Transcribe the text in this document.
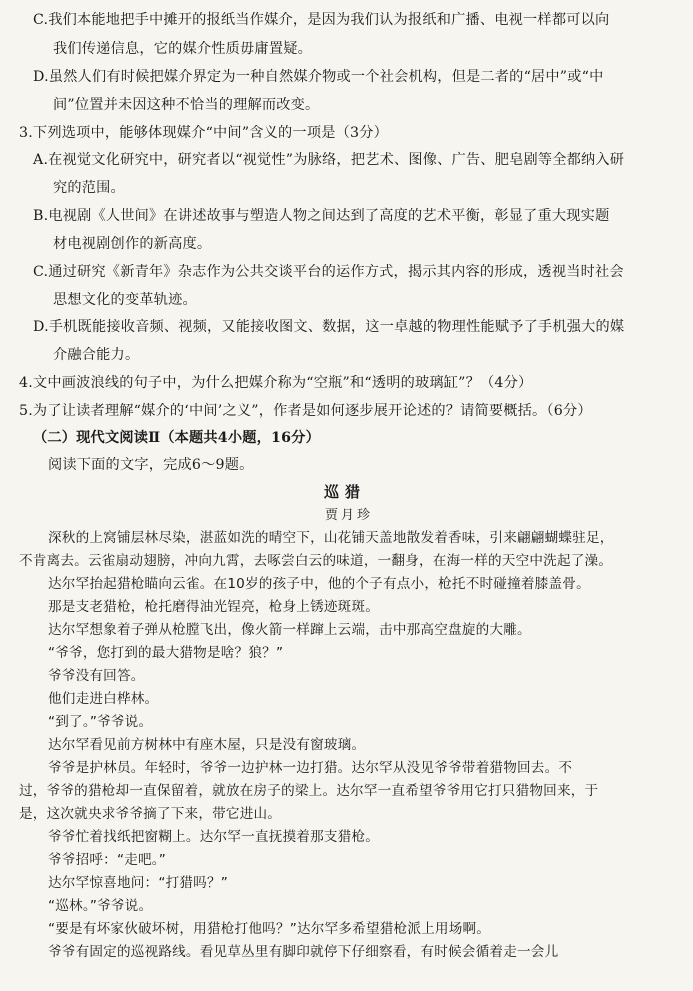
C.我们本能地把手中摊开的报纸当作媒介，是因为我们认为报纸和广播、电视一样都可以向
我们传递信息，它的媒介性质毋庸置疑。
D.虽然人们有时候把媒介界定为一种自然媒介物或一个社会机构，但是二者的“居中”或“中
间”位置并未因这种不恰当的理解而改变。
3.下列选项中，能够体现媒介“中间”含义的一项是（3分）
A.在视觉文化研究中，研究者以“视觉性”为脉络，把艺术、图像、广告、肥皂剧等全都纳入研
究的范围。
B.电视剧《人世间》在讲述故事与塑造人物之间达到了高度的艺术平衡，彰显了重大现实题
材电视剧创作的新高度。
C.通过研究《新青年》杂志作为公共交谈平台的运作方式，揭示其内容的形成，透视当时社会
思想文化的变革轨迹。
D.手机既能接收音频、视频，又能接收图文、数据，这一卓越的物理性能赋予了手机强大的媒
介融合能力。
4.文中画波浪线的句子中，为什么把媒介称为“空瓶”和“透明的玻璃缸”？（4分）
5.为了让读者理解“媒介的‘中间’之义”，作者是如何逐步展开论述的？请简要概括。（6分）
（二）现代文阅读Ⅱ（本题共4小题，16分）
阅读下面的文字，完成6～9题。
巡猎
贾月珍
深秋的上窝铺层林尽染，湛蓝如洗的晴空下，山花铺天盖地散发着香味，引来翩翩蝴蝶驻足，
不肯离去。云雀扇动翅膀，冲向九霄，去啄尝白云的味道，一翻身，在海一样的天空中洗起了澡。
达尔罕抬起猎枪瞄向云雀。在10岁的孩子中，他的个子有点小，枪托不时碰撞着膝盖骨。
那是支老猎枪，枪托磨得油光锃亮，枪身上锈迹斑斑。
达尔罕想象着子弹从枪膛飞出，像火箭一样蹿上云端，击中那高空盘旋的大雕。
“爷爷，您打到的最大猎物是啥？狼？”
爷爷没有回答。
他们走进白桦林。
“到了。”爷爷说。
达尔罕看见前方树林中有座木屋，只是没有窗玻璃。
爷爷是护林员。年轻时，爷爷一边护林一边打猎。达尔罕从没见爷爷带着猎物回去。不
过，爷爷的猎枪却一直保留着，就放在房子的梁上。达尔罕一直希望爷爷用它打只猎物回来，于
是，这次就央求爷爷摘了下来，带它进山。
爷爷忙着找纸把窗糊上。达尔罕一直抚摸着那支猎枪。
爷爷招呼：“走吧。”
达尔罕惊喜地问：“打猎吗？”
“巡林。”爷爷说。
“要是有坏家伙破坏树，用猎枪打他吗？”达尔罕多希望猎枪派上用场啊。
爷爷有固定的巡视路线。看见草丛里有脚印就停下仔细察看，有时候会循着走一会儿
